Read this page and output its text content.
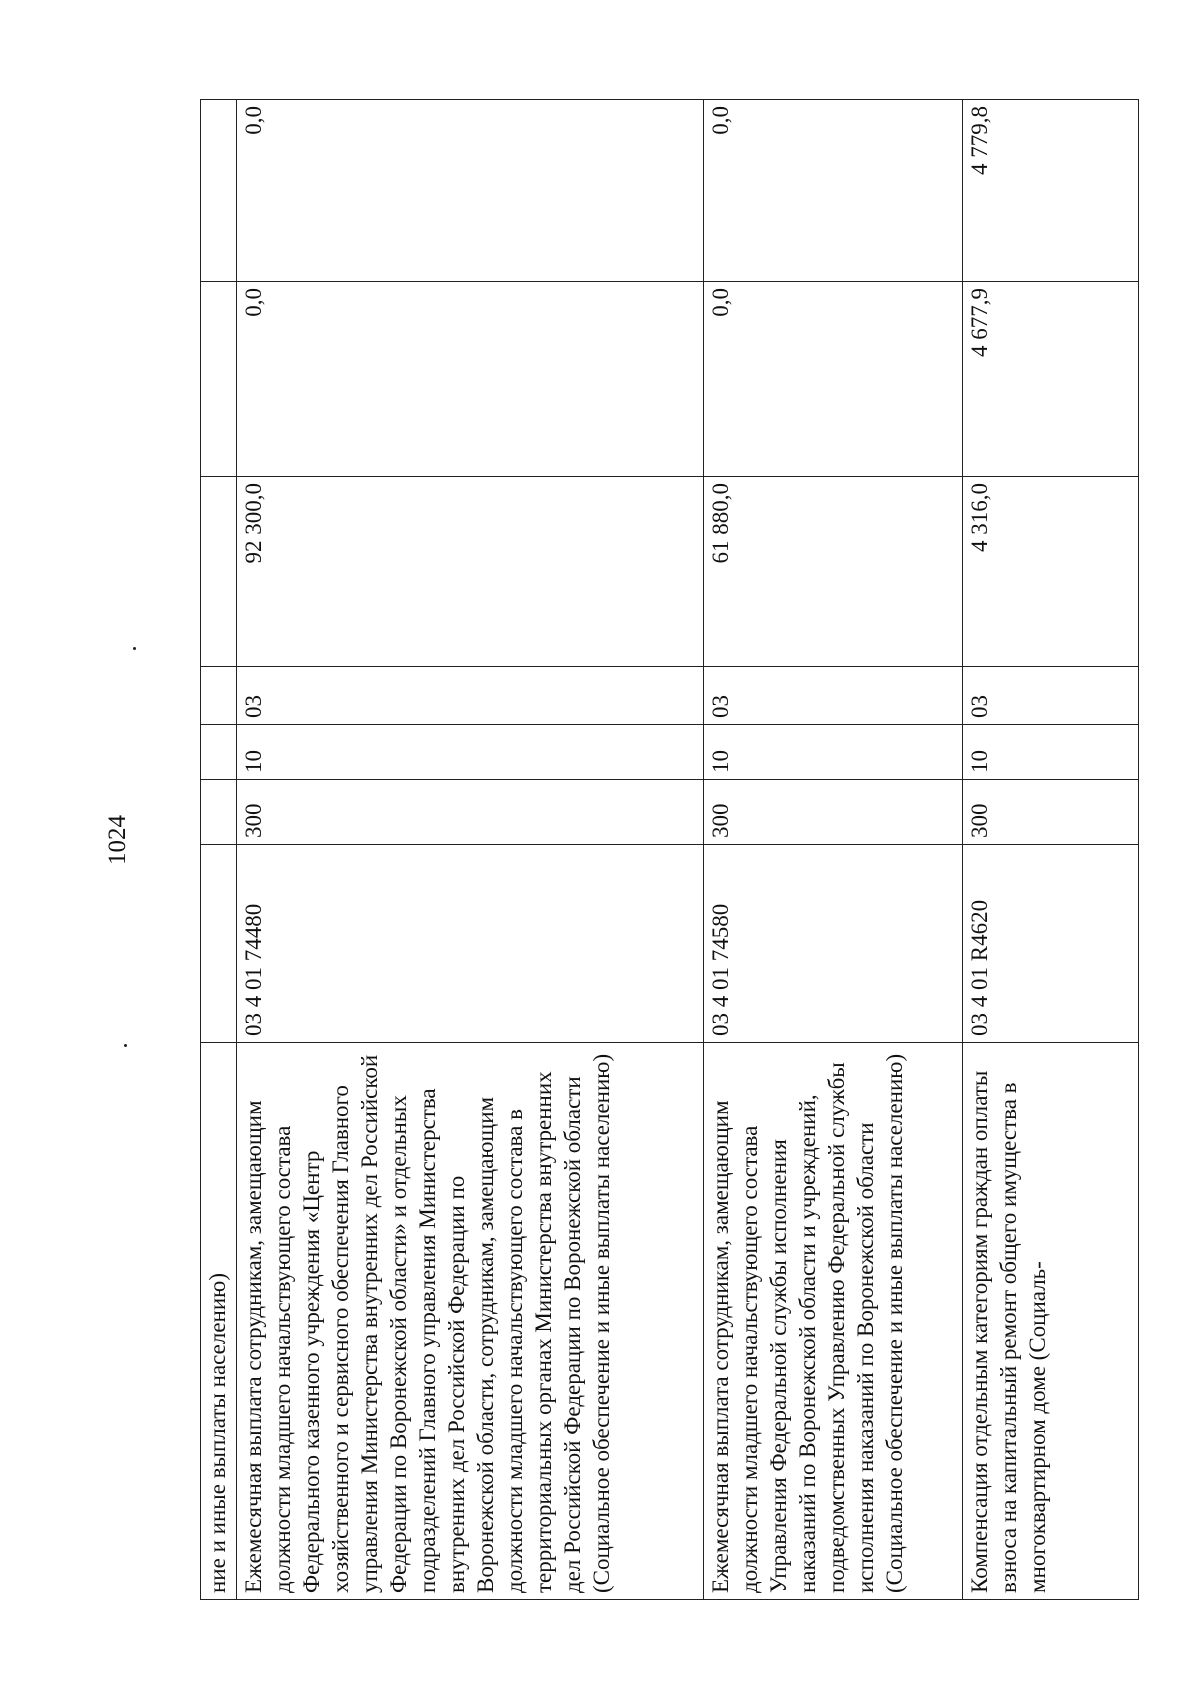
1024
ние и иные выплаты населению)							
Ежемесячная выплата сотрудникам, замещающим должности младшего начальствующего состава Федерального казенного учреждения «Центр хозяйственного и сервисного обеспечения Главного управления Министерства внутренних дел Российской Федерации по Воронежской области» и отдельных подразделений Главного управления Министерства внутренних дел Российской Федерации по Воронежской области, сотрудникам, замещающим должности младшего начальствующего состава в территориальных органах Министерства внутренних дел Российской Федерации по Воронежской области (Социальное обеспечение и иные выплаты населению)	03 4 01 74480	300	10	03	92 300,0	0,0	0,0
Ежемесячная выплата сотрудникам, замещающим должности младшего начальствующего состава Управления Федеральной службы исполнения наказаний по Воронежской области и учреждений, подведомственных Управлению Федеральной службы исполнения наказаний по Воронежской области (Социальное обеспечение и иные выплаты населению)	03 4 01 74580	300	10	03	61 880,0	0,0	0,0
Компенсация отдельным категориям граждан оплаты взноса на капитальный ремонт общего имущества в многоквартирном доме (Социаль-	03 4 01 R4620	300	10	03	4 316,0	4 677,9	4 779,8
